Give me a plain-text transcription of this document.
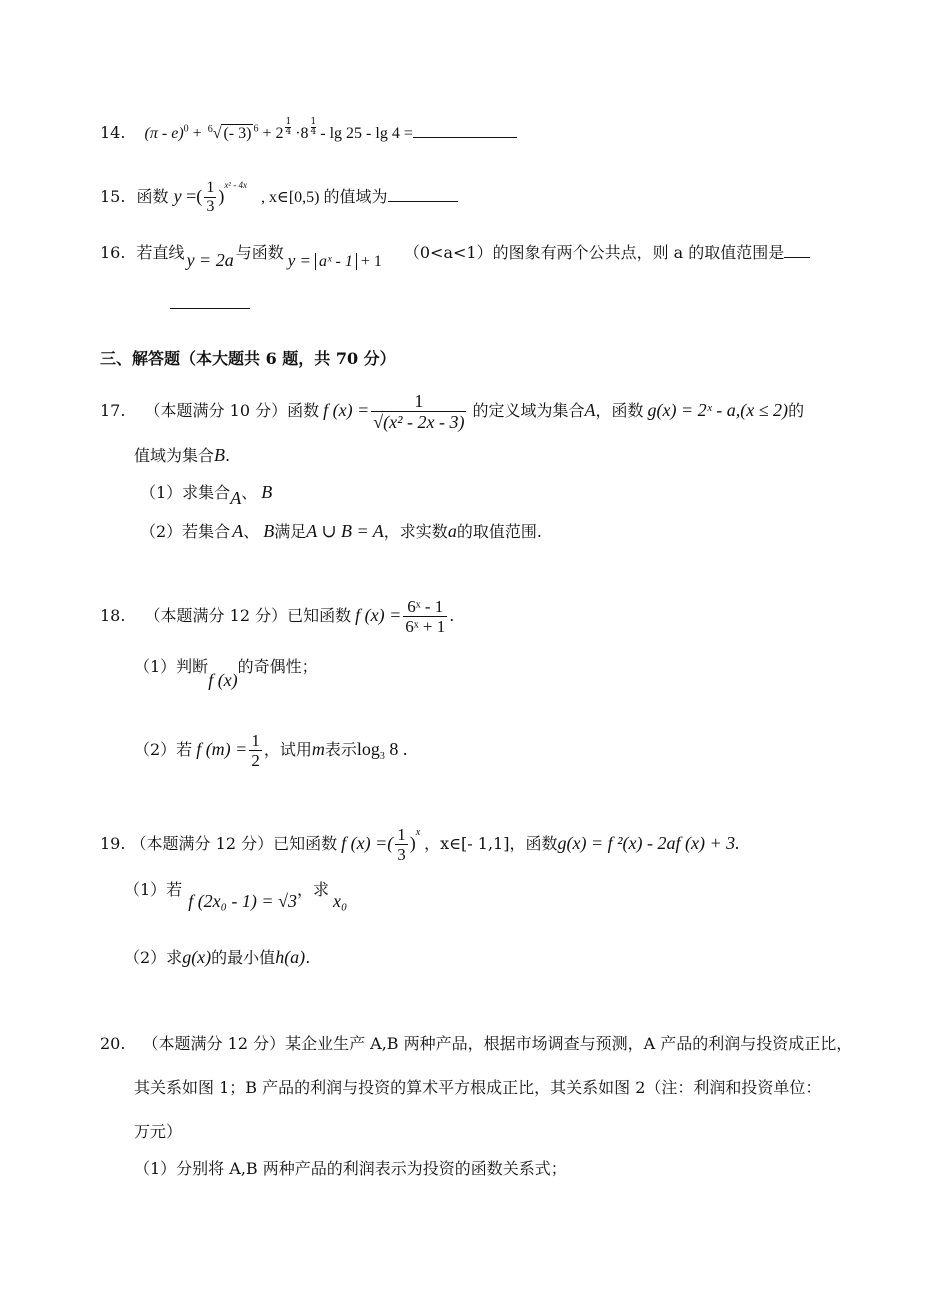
14. (π - e)$^0$ + $^6$√ (- 3) $^6 + 2 \frac{1}{4} \cdot 8 \frac{1}{4} - \lg 25 - \lg 4$ =
15. 函数 y =( $\frac{1}{3} )^{x^2 - 4x}$ , x∈[0,5) 的值域为
16. 若直线 y = 2a 与函数 y = aˣ - 1 + 1 （0<a<1）的图象有两个公共点，则 a 的取值范围是
三、解答题（本大题共 6 题，共 70 分）
17. （本题满分 10 分）函数 f $(x) = \frac{1}{\text{√(x² - 2x - 3)}}$ 的定义域为集合A，函数 g(x) = 2ˣ - a,(x ≤ 2)的
值域为集合B.
（1）求集合A、 B
（2）若集合 A、 B满足A ∪ B = A，求实数a的取值范围.
18. （本题满分 12 分）已知函数 f $(x) = \frac{\text{6ˣ - 1}}{\text{6ˣ + 1}}$ .
（1）判断f (x)的奇偶性；
（2）若 f $(m) = \frac{1}{2}$ ，试用m表示$\log_3 8$ .
19. （本题满分 12 分）已知函数 f (x) =( $\frac{1}{3} )^x$，x∈[- 1,1]，函数g(x) = f ²(x) - 2af (x) + 3.
（1）若f (2x₀ - 1) = √3，求x₀
（2）求g(x)的最小值h(a).
20. （本题满分 12 分）某企业生产 A,B 两种产品，根据市场调查与预测，A 产品的利润与投资成正比，
其关系如图 1；B 产品的利润与投资的算术平方根成正比，其关系如图 2（注：利润和投资单位：
万元）
（1）分别将 A,B 两种产品的利润表示为投资的函数关系式；
